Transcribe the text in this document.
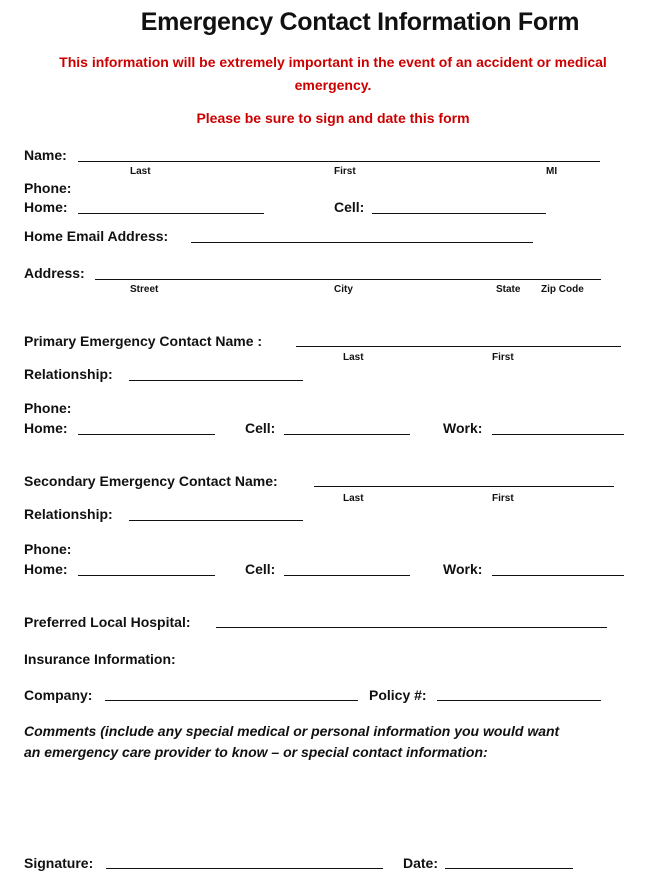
Emergency Contact Information Form
This information will be extremely important in the event of an accident or medical
emergency.
Please be sure to sign and date this form
Name:
Last	First	MI
Phone:
Home:	Cell:
Home Email Address:
Address:
Street	City	State Zip Code
Primary Emergency Contact Name :
Last	First
Relationship:
Phone:
Home:	Cell:	Work:
Secondary Emergency Contact Name:
Last	First
Relationship:
Phone:
Home:	Cell:	Work:
Preferred Local Hospital:
Insurance Information:
Company:	Policy #:
Comments (include any special medical or personal information you would want
an emergency care provider to know – or special contact information:
Signature:	Date:
